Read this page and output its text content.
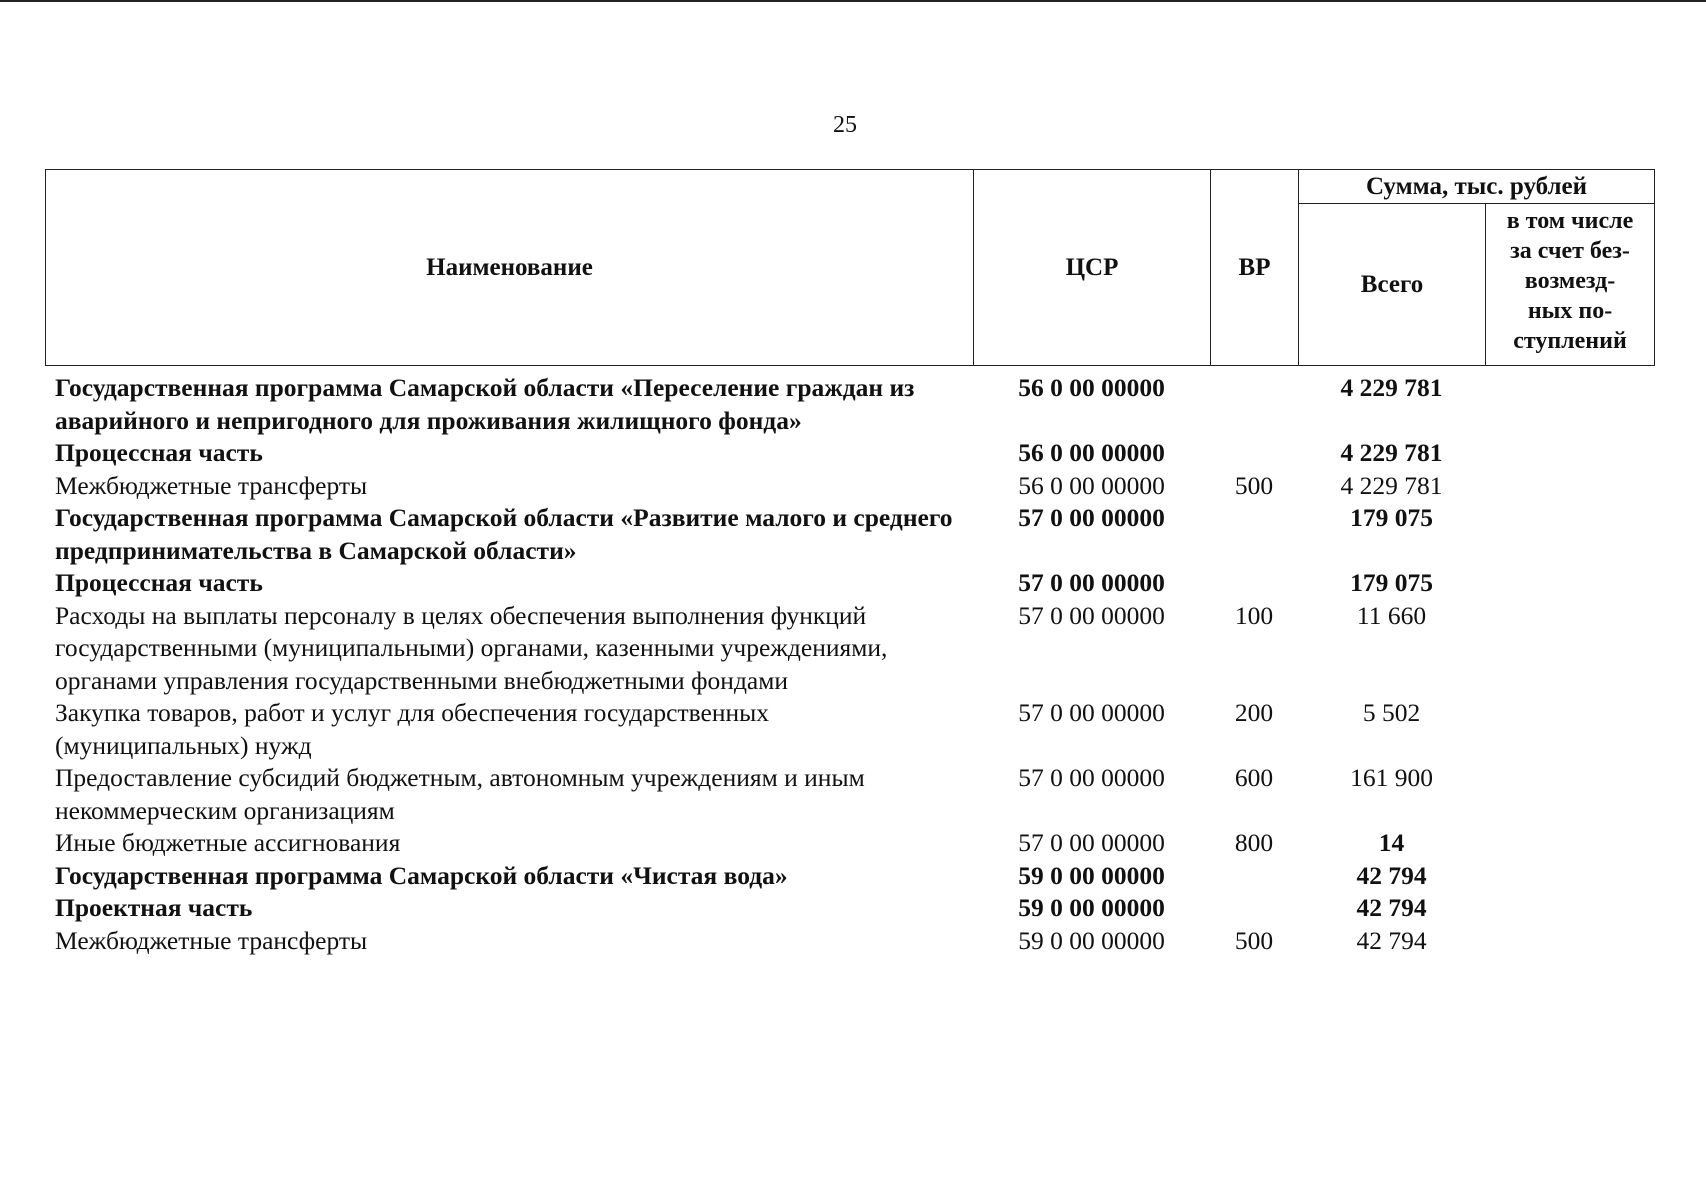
25
Наименование	ЦСР	ВР	Сумма, тыс. рублей	
			Всего	в том числе
за счет без-
возмезд-
ных по-
ступлений
Государственная программа Самарской области «Переселение граждан из аварийного и непригодного для проживания жилищного фонда»	56 0 00 00000		4 229 781	
Процессная часть	56 0 00 00000		4 229 781	
Межбюджетные трансферты	56 0 00 00000	500	4 229 781	
Государственная программа Самарской области «Развитие малого и среднего предпринимательства в Самарской области»	57 0 00 00000		179 075	
Процессная часть	57 0 00 00000		179 075	
Расходы на выплаты персоналу в целях обеспечения выполнения функций государственными (муниципальными) органами, казенными учреждениями, органами управления государственными внебюджетными фондами	57 0 00 00000	100	11 660	
Закупка товаров, работ и услуг для обеспечения государственных (муниципальных) нужд	57 0 00 00000	200	5 502	
Предоставление субсидий бюджетным, автономным учреждениям и иным некоммерческим организациям	57 0 00 00000	600	161 900	
Иные бюджетные ассигнования	57 0 00 00000	800	14	
Государственная программа Самарской области «Чистая вода»	59 0 00 00000		42 794	
Проектная часть	59 0 00 00000		42 794	
Межбюджетные трансферты	59 0 00 00000	500	42 794	
